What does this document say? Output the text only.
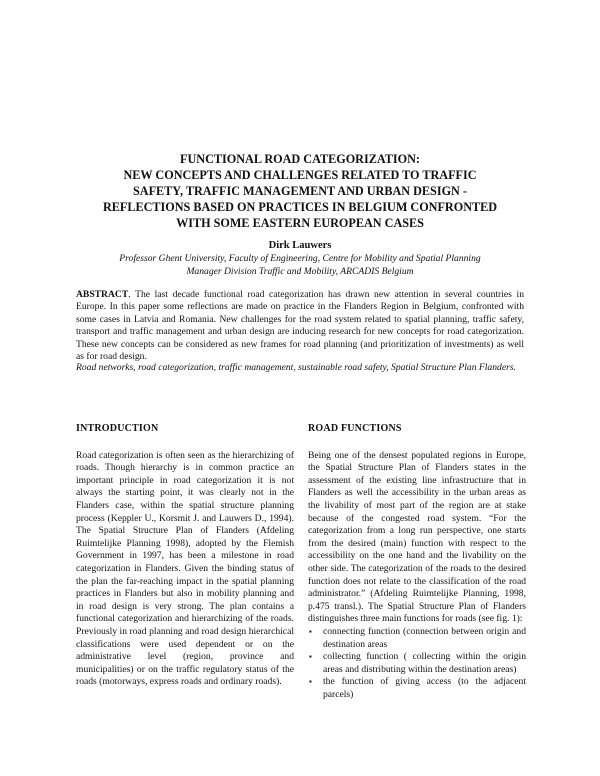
FUNCTIONAL ROAD CATEGORIZATION:
NEW CONCEPTS AND CHALLENGES RELATED TO TRAFFIC
SAFETY, TRAFFIC MANAGEMENT AND URBAN DESIGN -
REFLECTIONS BASED ON PRACTICES IN BELGIUM CONFRONTED
WITH SOME EASTERN EUROPEAN CASES
Dirk Lauwers
Professor Ghent University, Faculty of Engineering, Centre for Mobility and Spatial Planning
Manager Division Traffic and Mobility, ARCADIS Belgium
ABSTRACT. The last decade functional road categorization has drawn new attention in several countries in Europe. In this paper some reflections are made on practice in the Flanders Region in Belgium, confronted with some cases in Latvia and Romania. New challenges for the road system related to spatial planning, traffic safety, transport and traffic management and urban design are inducing research for new concepts for road categorization. These new concepts can be considered as new frames for road planning (and prioritization of investments) as well as for road design.
Road networks, road categorization, traffic management, sustainable road safety, Spatial Structure Plan Flanders.
INTRODUCTION

Road categorization is often seen as the hierarchizing of roads. Though hierarchy is in common practice an important principle in road categorization it is not always the starting point, it was clearly not in the Flanders case, within the spatial structure planning process (Keppler U., Korsmit J. and Lauwers D., 1994). The Spatial Structure Plan of Flanders (Afdeling Ruimtelijke Planning 1998), adopted by the Flemish Government in 1997, has been a milestone in road categorization in Flanders. Given the binding status of the plan the far-reaching impact in the spatial planning practices in Flanders but also in mobility planning and in road design is very strong. The plan contains a functional categorization and hierarchizing of the roads. Previously in road planning and road design hierarchical classifications were used dependent or on the administrative level (region, province and municipalities) or on the traffic regulatory status of the roads (motorways, express roads and ordinary roads).

ROAD FUNCTIONS

Being one of the densest populated regions in Europe, the Spatial Structure Plan of Flanders states in the assessment of the existing line infrastructure that in Flanders as well the accessibility in the urban areas as the livability of most part of the region are at stake because of the congested road system. “For the categorization from a long run perspective, one starts from the desired (main) function with respect to the accessibility on the one hand and the livability on the other side. The categorization of the roads to the desired function does not relate to the classification of the road administrator.” (Afdeling Ruimtelijke Planning, 1998, p.475 transl.). The Spatial Structure Plan of Flanders distinguishes three main functions for roads (see fig. 1):

▪ connecting function (connection between origin and destination areas
▪ collecting function ( collecting within the origin areas and distributing within the destination areas)
▪ the function of giving access (to the adjacent parcels)
